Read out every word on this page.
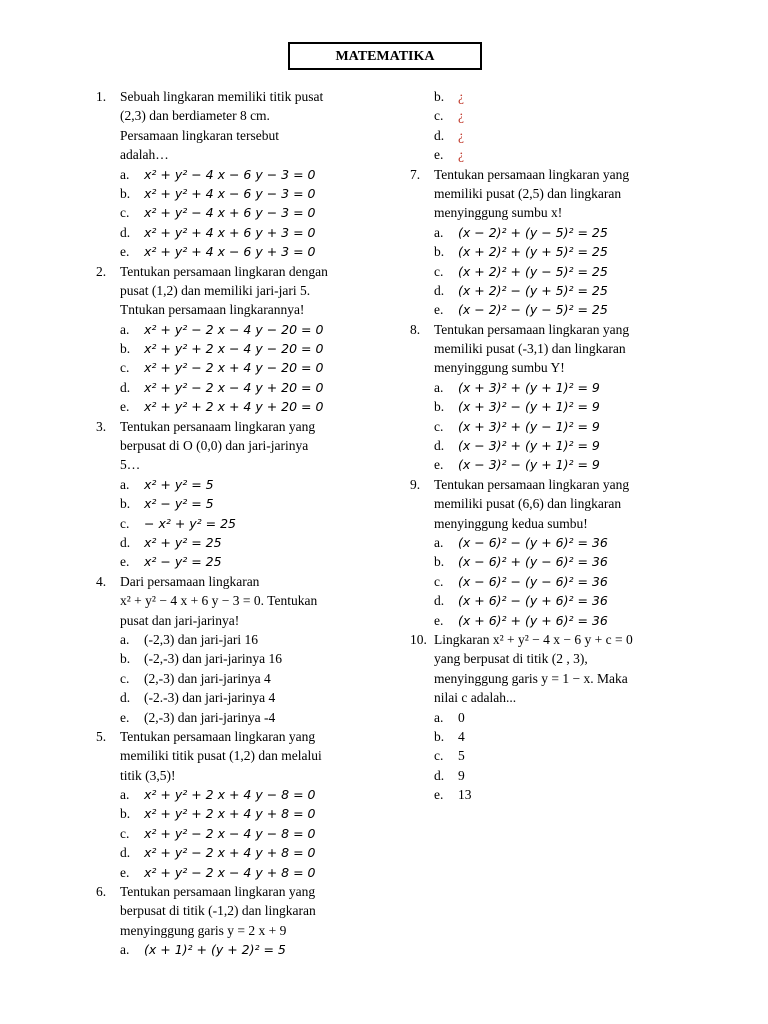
MATEMATIKA
1.	Sebuah lingkaran memiliki titik pusat
(2,3) dan berdiameter 8 cm.
Persamaan lingkaran tersebut
adalah…
a.	x² + y² − 4 x − 6 y − 3 = 0
b.	x² + y² + 4 x − 6 y − 3 = 0
c.	x² + y² − 4 x + 6 y − 3 = 0
d.	x² + y² + 4 x + 6 y + 3 = 0
e.	x² + y² + 4 x − 6 y + 3 = 0
2.	Tentukan persamaan lingkaran dengan
pusat (1,2) dan memiliki jari-jari 5.
Tntukan persamaan lingkarannya!
a.	x² + y² − 2 x − 4 y − 20 = 0
b.	x² + y² + 2 x − 4 y − 20 = 0
c.	x² + y² − 2 x + 4 y − 20 = 0
d.	x² + y² − 2 x − 4 y + 20 = 0
e.	x² + y² + 2 x + 4 y + 20 = 0
3.	Tentukan persanaam lingkaran yang
berpusat di O (0,0) dan jari-jarinya
5…
a.	x² + y² = 5
b.	x² − y² = 5
c.	− x² + y² = 25
d.	x² + y² = 25
e.	x² − y² = 25
4.	Dari persamaan lingkaran
x² + y² − 4 x + 6 y − 3 = 0. Tentukan
pusat dan jari-jarinya!
a.	(-2,3) dan jari-jari 16
b.	(-2,-3) dan jari-jarinya 16
c.	(2,-3) dan jari-jarinya 4
d.	(-2.-3) dan jari-jarinya 4
e.	(2,-3) dan jari-jarinya -4
5.	Tentukan persamaan lingkaran yang
memiliki titik pusat (1,2) dan melalui
titik (3,5)!
a.	x² + y² + 2 x + 4 y − 8 = 0
b.	x² + y² + 2 x + 4 y + 8 = 0
c.	x² + y² − 2 x − 4 y − 8 = 0
d.	x² + y² − 2 x + 4 y + 8 = 0
e.	x² + y² − 2 x − 4 y + 8 = 0
6.	Tentukan persamaan lingkaran yang
berpusat di titik (-1,2) dan lingkaran
menyinggung garis y = 2 x + 9
a.	(x + 1)² + (y + 2)² = 5
b.	¿
c.	¿
d.	¿
e.	¿
7.	Tentukan persamaan lingkaran yang
memiliki pusat (2,5) dan lingkaran
menyinggung sumbu x!
a.	(x − 2)² + (y − 5)² = 25
b.	(x + 2)² + (y + 5)² = 25
c.	(x + 2)² + (y − 5)² = 25
d.	(x + 2)² − (y + 5)² = 25
e.	(x − 2)² − (y − 5)² = 25
8.	Tentukan persamaan lingkaran yang
memiliki pusat (-3,1) dan lingkaran
menyinggung sumbu Y!
a.	(x + 3)² + (y + 1)² = 9
b.	(x + 3)² − (y + 1)² = 9
c.	(x + 3)² + (y − 1)² = 9
d.	(x − 3)² + (y + 1)² = 9
e.	(x − 3)² − (y + 1)² = 9
9.	Tentukan persamaan lingkaran yang
memiliki pusat (6,6) dan lingkaran
menyinggung kedua sumbu!
a.	(x − 6)² − (y + 6)² = 36
b.	(x − 6)² + (y − 6)² = 36
c.	(x − 6)² − (y − 6)² = 36
d.	(x + 6)² − (y + 6)² = 36
e.	(x + 6)² + (y + 6)² = 36
10. Lingkaran x² + y² − 4 x − 6 y + c = 0
yang berpusat di titik (2 , 3),
menyinggung garis y = 1 − x. Maka
nilai c adalah...
a.	0
b.	4
c.	5
d.	9
e.	13
